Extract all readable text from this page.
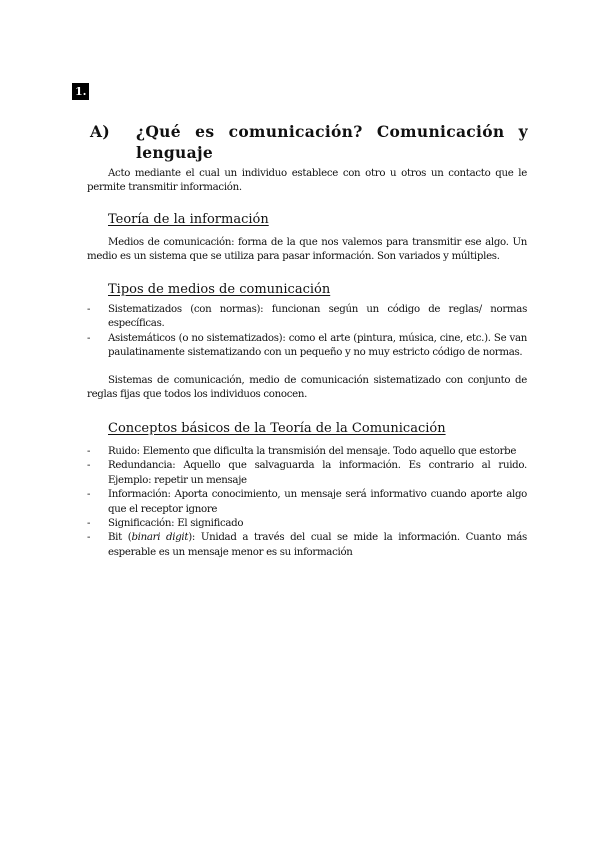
1.
A) ¿Qué es comunicación? Comunicación y
lenguaje
Acto mediante el cual un individuo establece con otro u otros un contacto que le permite transmitir información.
Teoría de la información
Medios de comunicación: forma de la que nos valemos para transmitir ese algo. Un medio es un sistema que se utiliza para pasar información. Son variados y múltiples.
Tipos de medios de comunicación
- Sistematizados (con normas): funcionan según un código de reglas/ normas específicas.
- Asistemáticos (o no sistematizados): como el arte (pintura, música, cine, etc.). Se van paulatinamente sistematizando con un pequeño y no muy estricto código de normas.
Sistemas de comunicación, medio de comunicación sistematizado con conjunto de reglas fijas que todos los individuos conocen.
Conceptos básicos de la Teoría de la Comunicación
- Ruido: Elemento que dificulta la transmisión del mensaje. Todo aquello que estorbe
- Redundancia: Aquello que salvaguarda la información. Es contrario al ruido. Ejemplo: repetir un mensaje
- Información: Aporta conocimiento, un mensaje será informativo cuando aporte algo que el receptor ignore
- Significación: El significado
- Bit (binari digit): Unidad a través del cual se mide la información. Cuanto más esperable es un mensaje menor es su información
